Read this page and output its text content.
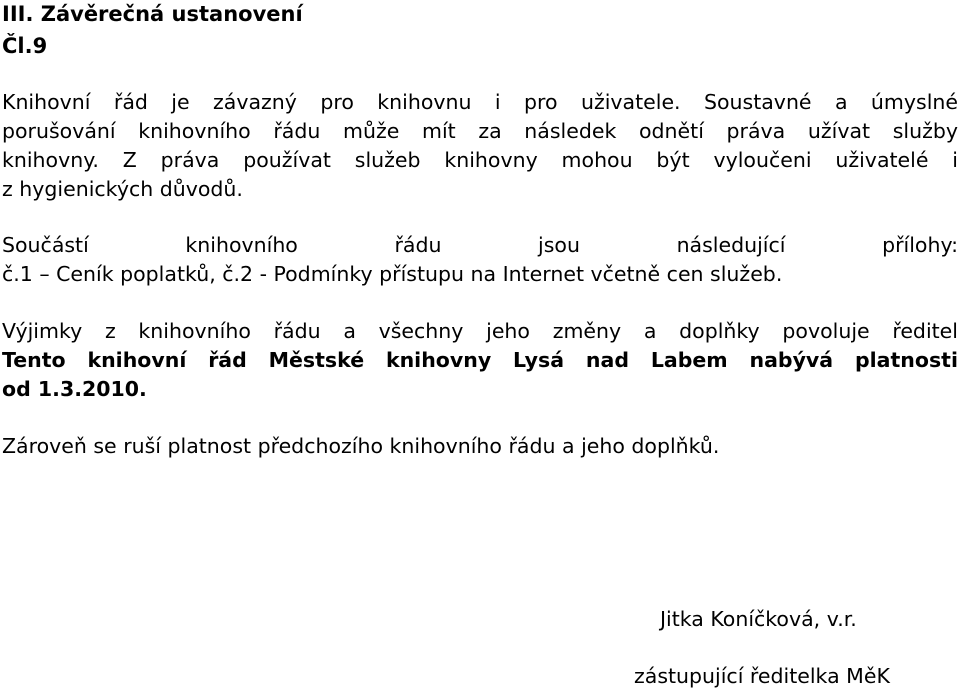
III. Závěrečná ustanovení
Čl.9
Knihovní řád je závazný pro knihovnu i pro uživatele. Soustavné a úmyslné
porušování knihovního řádu může mít za následek odnětí práva užívat služby
knihovny. Z práva používat služeb knihovny mohou být vyloučeni uživatelé i
z hygienických důvodů.
Součástí knihovního řádu jsou následující přílohy:
č.1 – Ceník poplatků, č.2 - Podmínky přístupu na Internet včetně cen služeb.
Výjimky z knihovního řádu a všechny jeho změny a doplňky povoluje ředitel
Tento knihovní řád Městské knihovny Lysá nad Labem nabývá platnosti
od 1.3.2010.
Zároveň se ruší platnost předchozího knihovního řádu a jeho doplňků.
Jitka Koníčková, v.r.
zástupující ředitelka MěK
